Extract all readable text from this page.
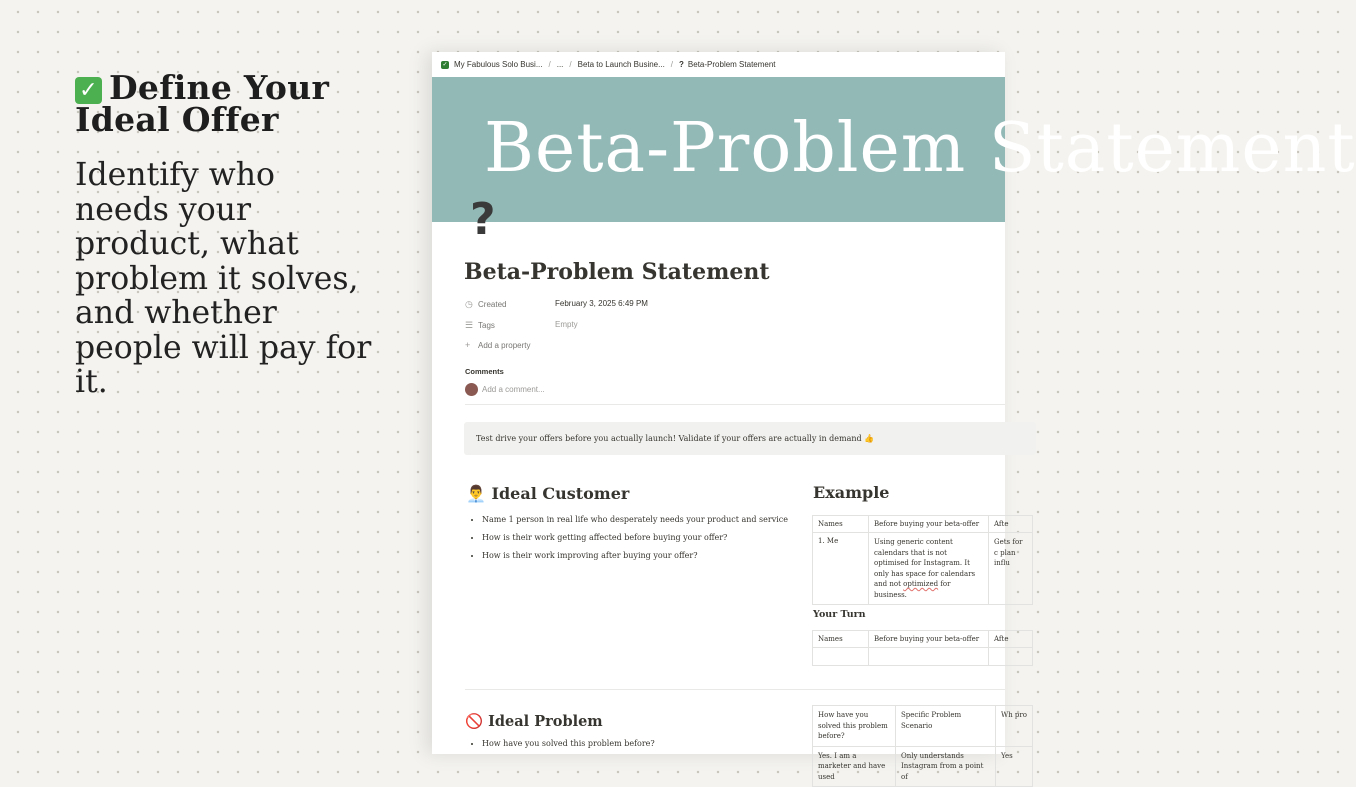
✓ Define Your Ideal Offer
Identify who needs your product, what problem it solves, and whether people will pay for it.
✓ My Fabulous Solo Busi... / ... / Beta to Launch Busine... / ? Beta-Problem Statement
Beta-Problem Statement
?
Beta-Problem Statement
◷ Created	February 3, 2025 6:49 PM
☰ Tags	Empty
+ Add a property
Comments
Add a comment...
Test drive your offers before you actually launch! Validate if your offers are actually in demand 👍
👨‍💼 Ideal Customer
• Name 1 person in real life who desperately needs your product and service
• How is their work getting affected before buying your offer?
• How is their work improving after buying your offer?
Example
Names	Before buying your beta-offer	Afte
1. Me	Using generic content calendars that is not optimised for Instagram. It only has space for calendars and not optimized for business.	Gets for c plan influ
Your Turn
Names	Before buying your beta-offer	Afte

🚫 Ideal Problem
• How have you solved this problem before?
How have you solved this problem before?	Specific Problem Scenario	Wh pro
Yes. I am a marketer and have used	Only understands Instagram from a point of	Yes
